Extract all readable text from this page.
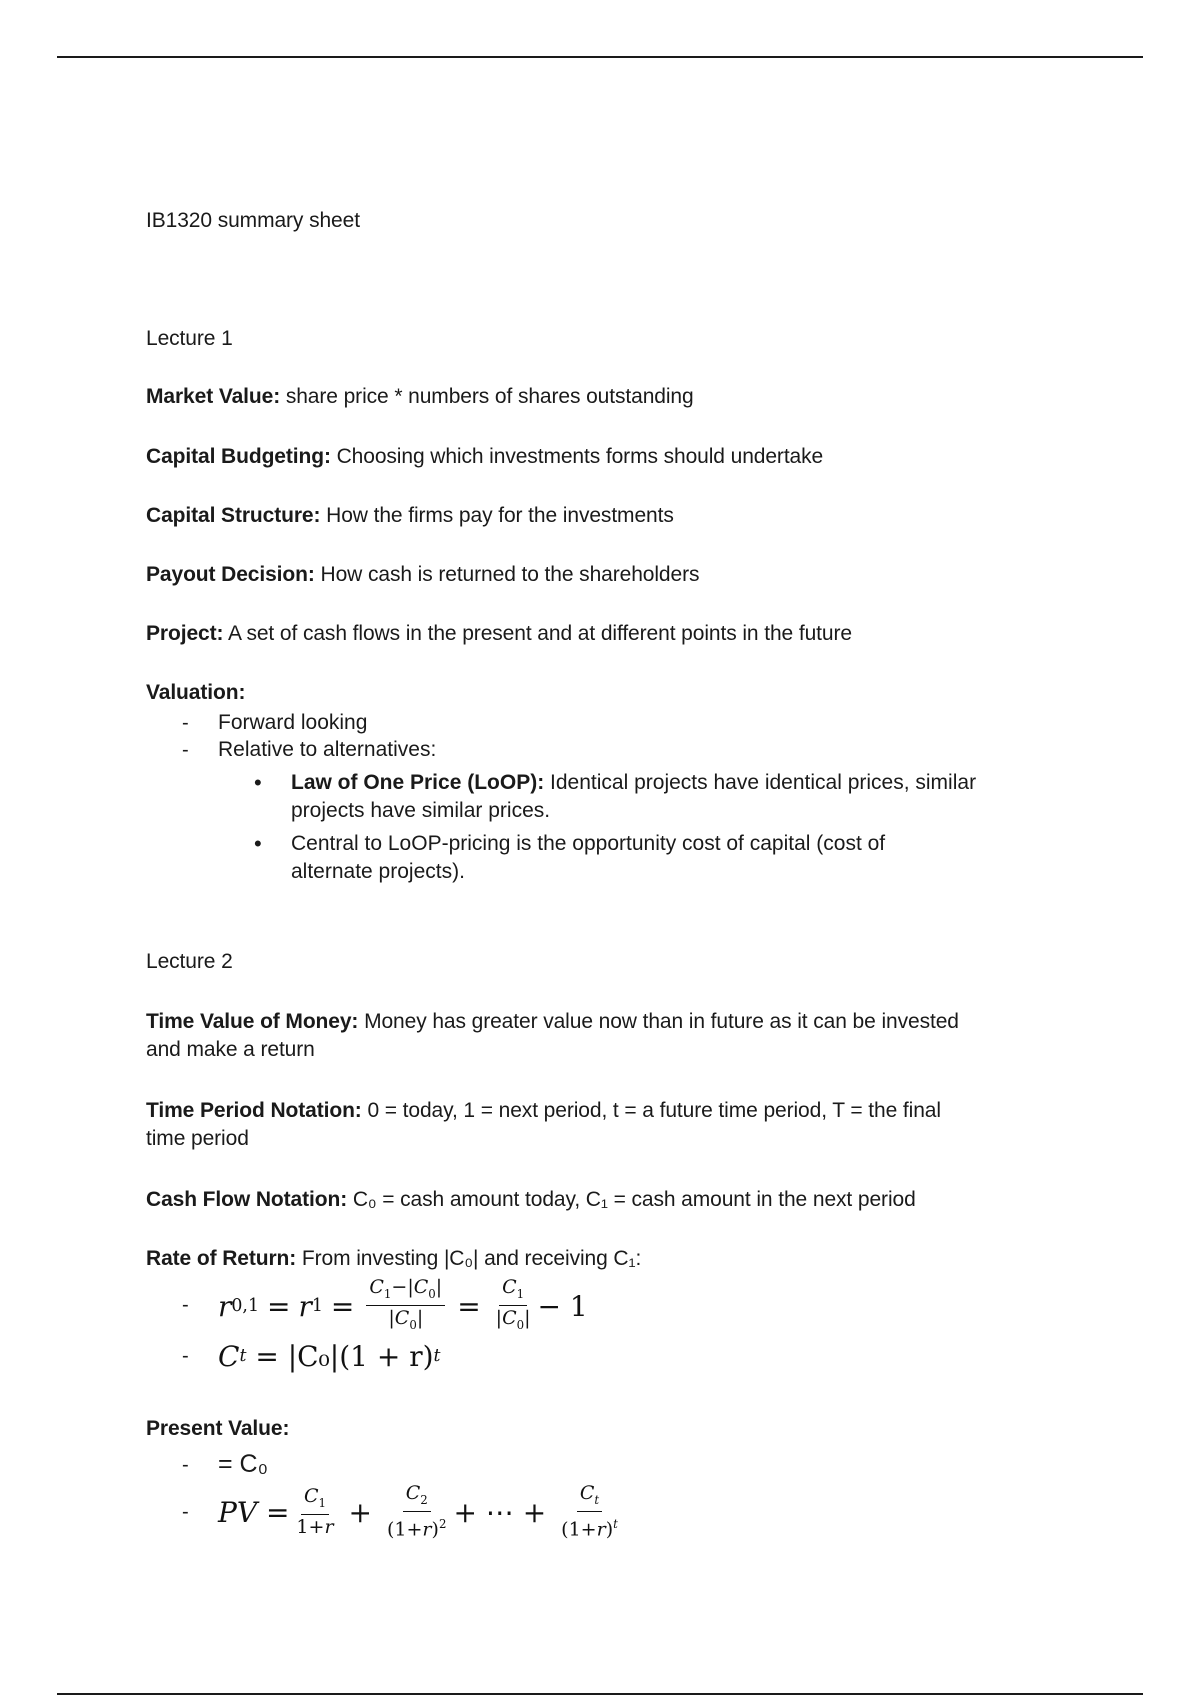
IB1320 summary sheet
Lecture 1
Market Value: share price * numbers of shares outstanding
Capital Budgeting: Choosing which investments forms should undertake
Capital Structure: How the firms pay for the investments
Payout Decision: How cash is returned to the shareholders
Project: A set of cash flows in the present and at different points in the future
Valuation:
- Forward looking
- Relative to alternatives:
• Law of One Price (LoOP): Identical projects have identical prices, similar
projects have similar prices.
• Central to LoOP-pricing is the opportunity cost of capital (cost of
alternate projects).
Lecture 2
Time Value of Money: Money has greater value now than in future as it can be invested
and make a return
Time Period Notation: 0 = today, 1 = next period, t = a future time period, T = the final
time period
Cash Flow Notation: C₀ = cash amount today, C₁ = cash amount in the next period
Rate of Return: From investing |C₀| and receiving C₁:
- r 0,1 = r $1 = \frac{C_1-|C_0|}{|C_0|} = \frac{C_1}{|C_0|} - 1$
- C t
= |C₀|(1 + r) t
Present Value:
- = C₀
- PV = $\frac{C_1}{1+r} + \frac{C_2}{(1+r)^2}$ + ⋯ + $\frac{C_t}{(1+r)^t}$
